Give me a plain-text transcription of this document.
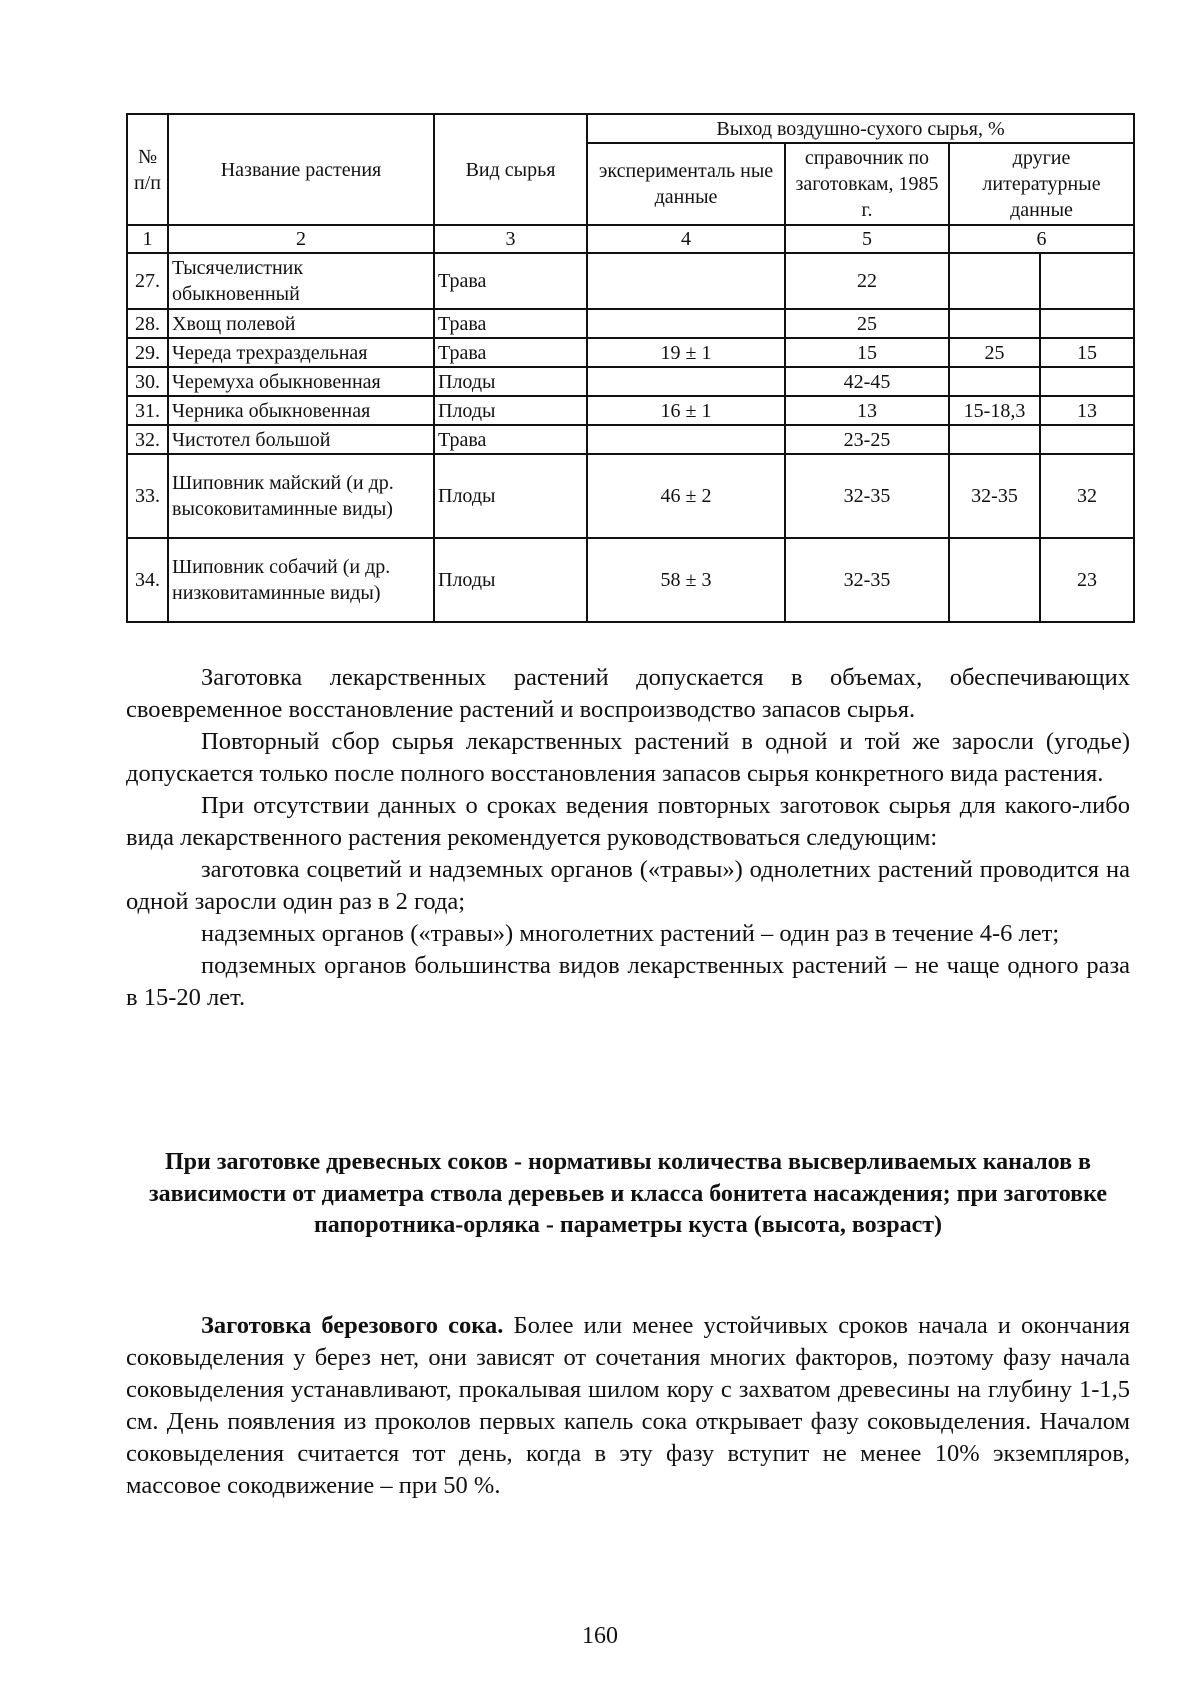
№ п/п	Название растения	Вид сырья	Выход воздушно-сухого сырья, %			
			эксперименталь ные данные	справочник по заготовкам, 1985 г.	другие литературные данные	
1	2	3	4	5	6	
27.	Тысячелистник обыкновенный	Трава		22		
28.	Хвощ полевой	Трава		25		
29.	Череда трехраздельная	Трава	19 ± 1	15	25	15
30.	Черемуха обыкновенная	Плоды		42-45		
31.	Черника обыкновенная	Плоды	16 ± 1	13	15-18,3	13
32.	Чистотел большой	Трава		23-25		
33.	Шиповник майский (и др. высоковитаминные виды)	Плоды	46 ± 2	32-35	32-35	32
34.	Шиповник собачий (и др. низковитаминные виды)	Плоды	58 ± 3	32-35		23

Заготовка лекарственных растений допускается в объемах, обеспечивающих своевременное восстановление растений и воспроизводство запасов сырья.

Повторный сбор сырья лекарственных растений в одной и той же заросли (угодье) допускается только после полного восстановления запасов сырья конкретного вида растения.

При отсутствии данных о сроках ведения повторных заготовок сырья для какого-либо вида лекарственного растения рекомендуется руководствоваться следующим:

заготовка соцветий и надземных органов («травы») однолетних растений проводится на одной заросли один раз в 2 года;

надземных органов («травы») многолетних растений – один раз в течение 4-6 лет;

подземных органов большинства видов лекарственных растений – не чаще одного раза в 15-20 лет.

При заготовке древесных соков - нормативы количества высверливаемых каналов в зависимости от диаметра ствола деревьев и класса бонитета насаждения; при заготовке папоротника-орляка - параметры куста (высота, возраст)

Заготовка березового сока. Более или менее устойчивых сроков начала и окончания соковыделения у берез нет, они зависят от сочетания многих факторов, поэтому фазу начала соковыделения устанавливают, прокалывая шилом кору с захватом древесины на глубину 1-1,5 см. День появления из проколов первых капель сока открывает фазу соковыделения. Началом соковыделения считается тот день, когда в эту фазу вступит не менее 10% экземпляров, массовое сокодвижение – при 50 %.

160
